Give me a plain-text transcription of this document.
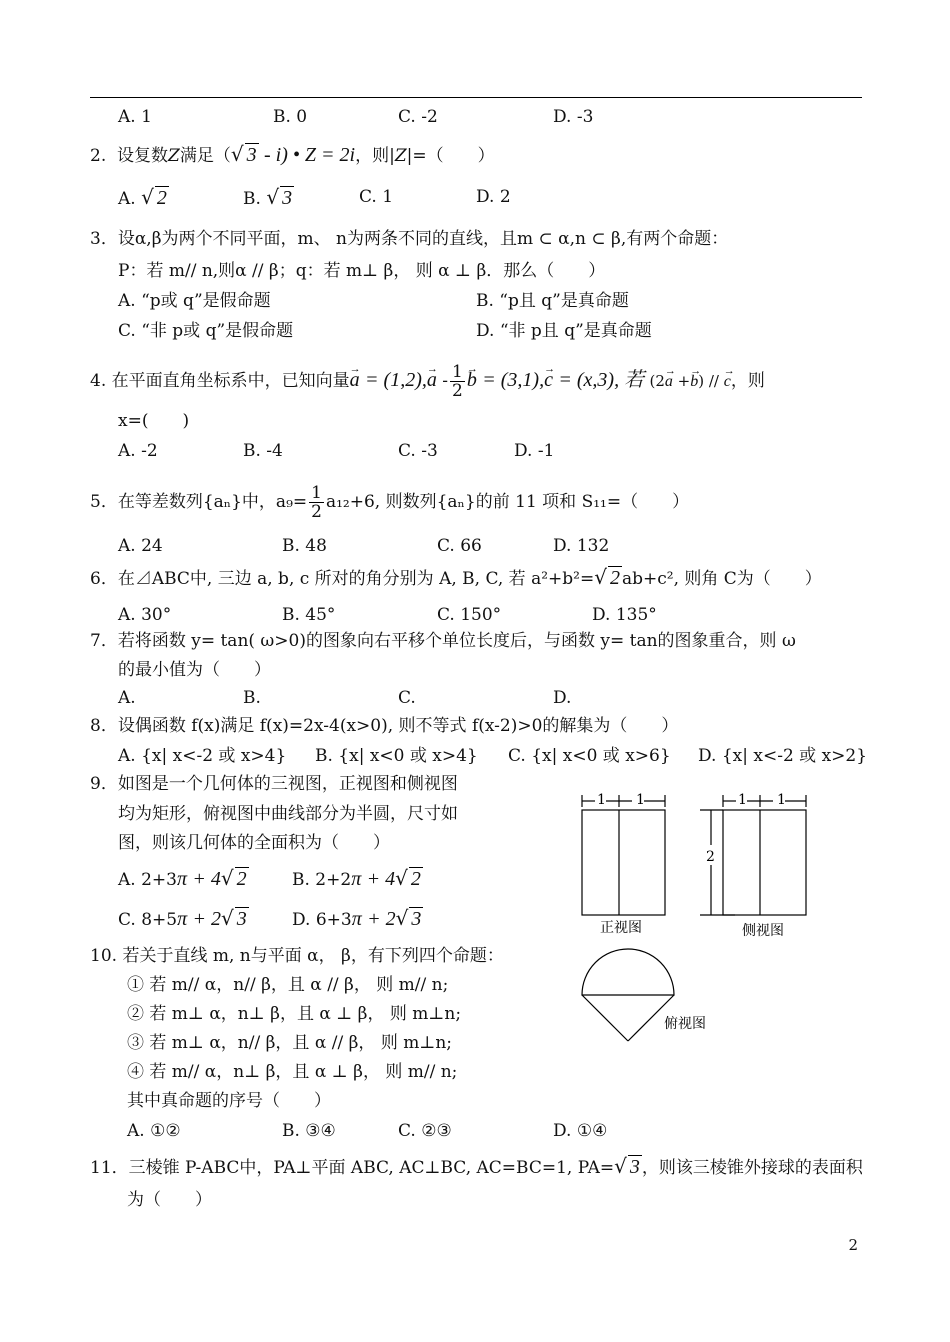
A. 1	B. 0	C. -2	D. -3
2. 设复数Z满足（√ 3 - i) • Z = 2i，则|Z|=（　　）
A. √ 2	B. √ 3	C. 1	D. 2
3．设α,β为两个不同平面，m、 n为两条不同的直线，且m ⊂ α,n ⊂ β,有两个命题：
P：若 m// n,则α // β；q：若 m⊥ β， 则 α ⊥ β．那么（　　）
A. “p或 q”是假命题	B. “p且 q”是真命题
C. “非 p或 q”是假命题	D. “非 p且 q”是真命题
4. 在平面直角坐标系中，已知向量→ $a = (1,2),\to a - \frac{1}{2}$
→ b = (3,1),→ c = (x,3), 若 (2→ a +→ b) // → c，则
x=(　　)
A. -2	B. -4	C. -3	D. -1
5．在等差数列{aₙ}中，$a_9= \frac{1}{2} a_{12}+6$, 则数列{aₙ}的前 11 项和 S₁₁=（　　）
A. 24	B. 48	C. 66	D. 132
6．在⊿ABC中, 三边 a, b, c 所对的角分别为 A, B, C, 若 a²+b²=√ 2 ab+c², 则角 C为（　　）
A. 30°	B. 45°	C. 150°	D. 135°
7．若将函数 y= tan( ω>0)的图象向右平移个单位长度后，与函数 y= tan的图象重合，则 ω
的最小值为（　　）
A.	B.	C.	D.
8．设偶函数 f(x)满足 f(x)=2x-4(x>0), 则不等式 f(x-2)>0的解集为（　　）
A. {x| x<-2 或 x>4} B. {x| x<0 或 x>4} C. {x| x<0 或 x>6} D. {x| x<-2 或 x>2}
9．如图是一个几何体的三视图，正视图和侧视图
均为矩形，俯视图中曲线部分为半圆，尺寸如
图，则该几何体的全面积为（　　）
A. 2+3π + 4√ 2	B. 2+2π + 4√ 2
C. 8+5π + 2√ 3	D. 6+3π + 2√ 3
1 1
正视图
1 1
2
侧视图
俯视图
10. 若关于直线 m, n与平面 α， β，有下列四个命题：
① 若 m// α，n// β，且 α // β， 则 m// n;
② 若 m⊥ α，n⊥ β，且 α ⊥ β， 则 m⊥n;
③ 若 m⊥ α，n// β，且 α // β， 则 m⊥n;
④ 若 m// α，n⊥ β，且 α ⊥ β， 则 m// n;
其中真命题的序号（　　）
A. ①②	B. ③④	C. ②③	D. ①④
11．三棱锥 P-ABC中，PA⊥平面 ABC, AC⊥BC, AC=BC=1, PA=√ 3 ，则该三棱锥外接球的表面积
为（　　）
2
